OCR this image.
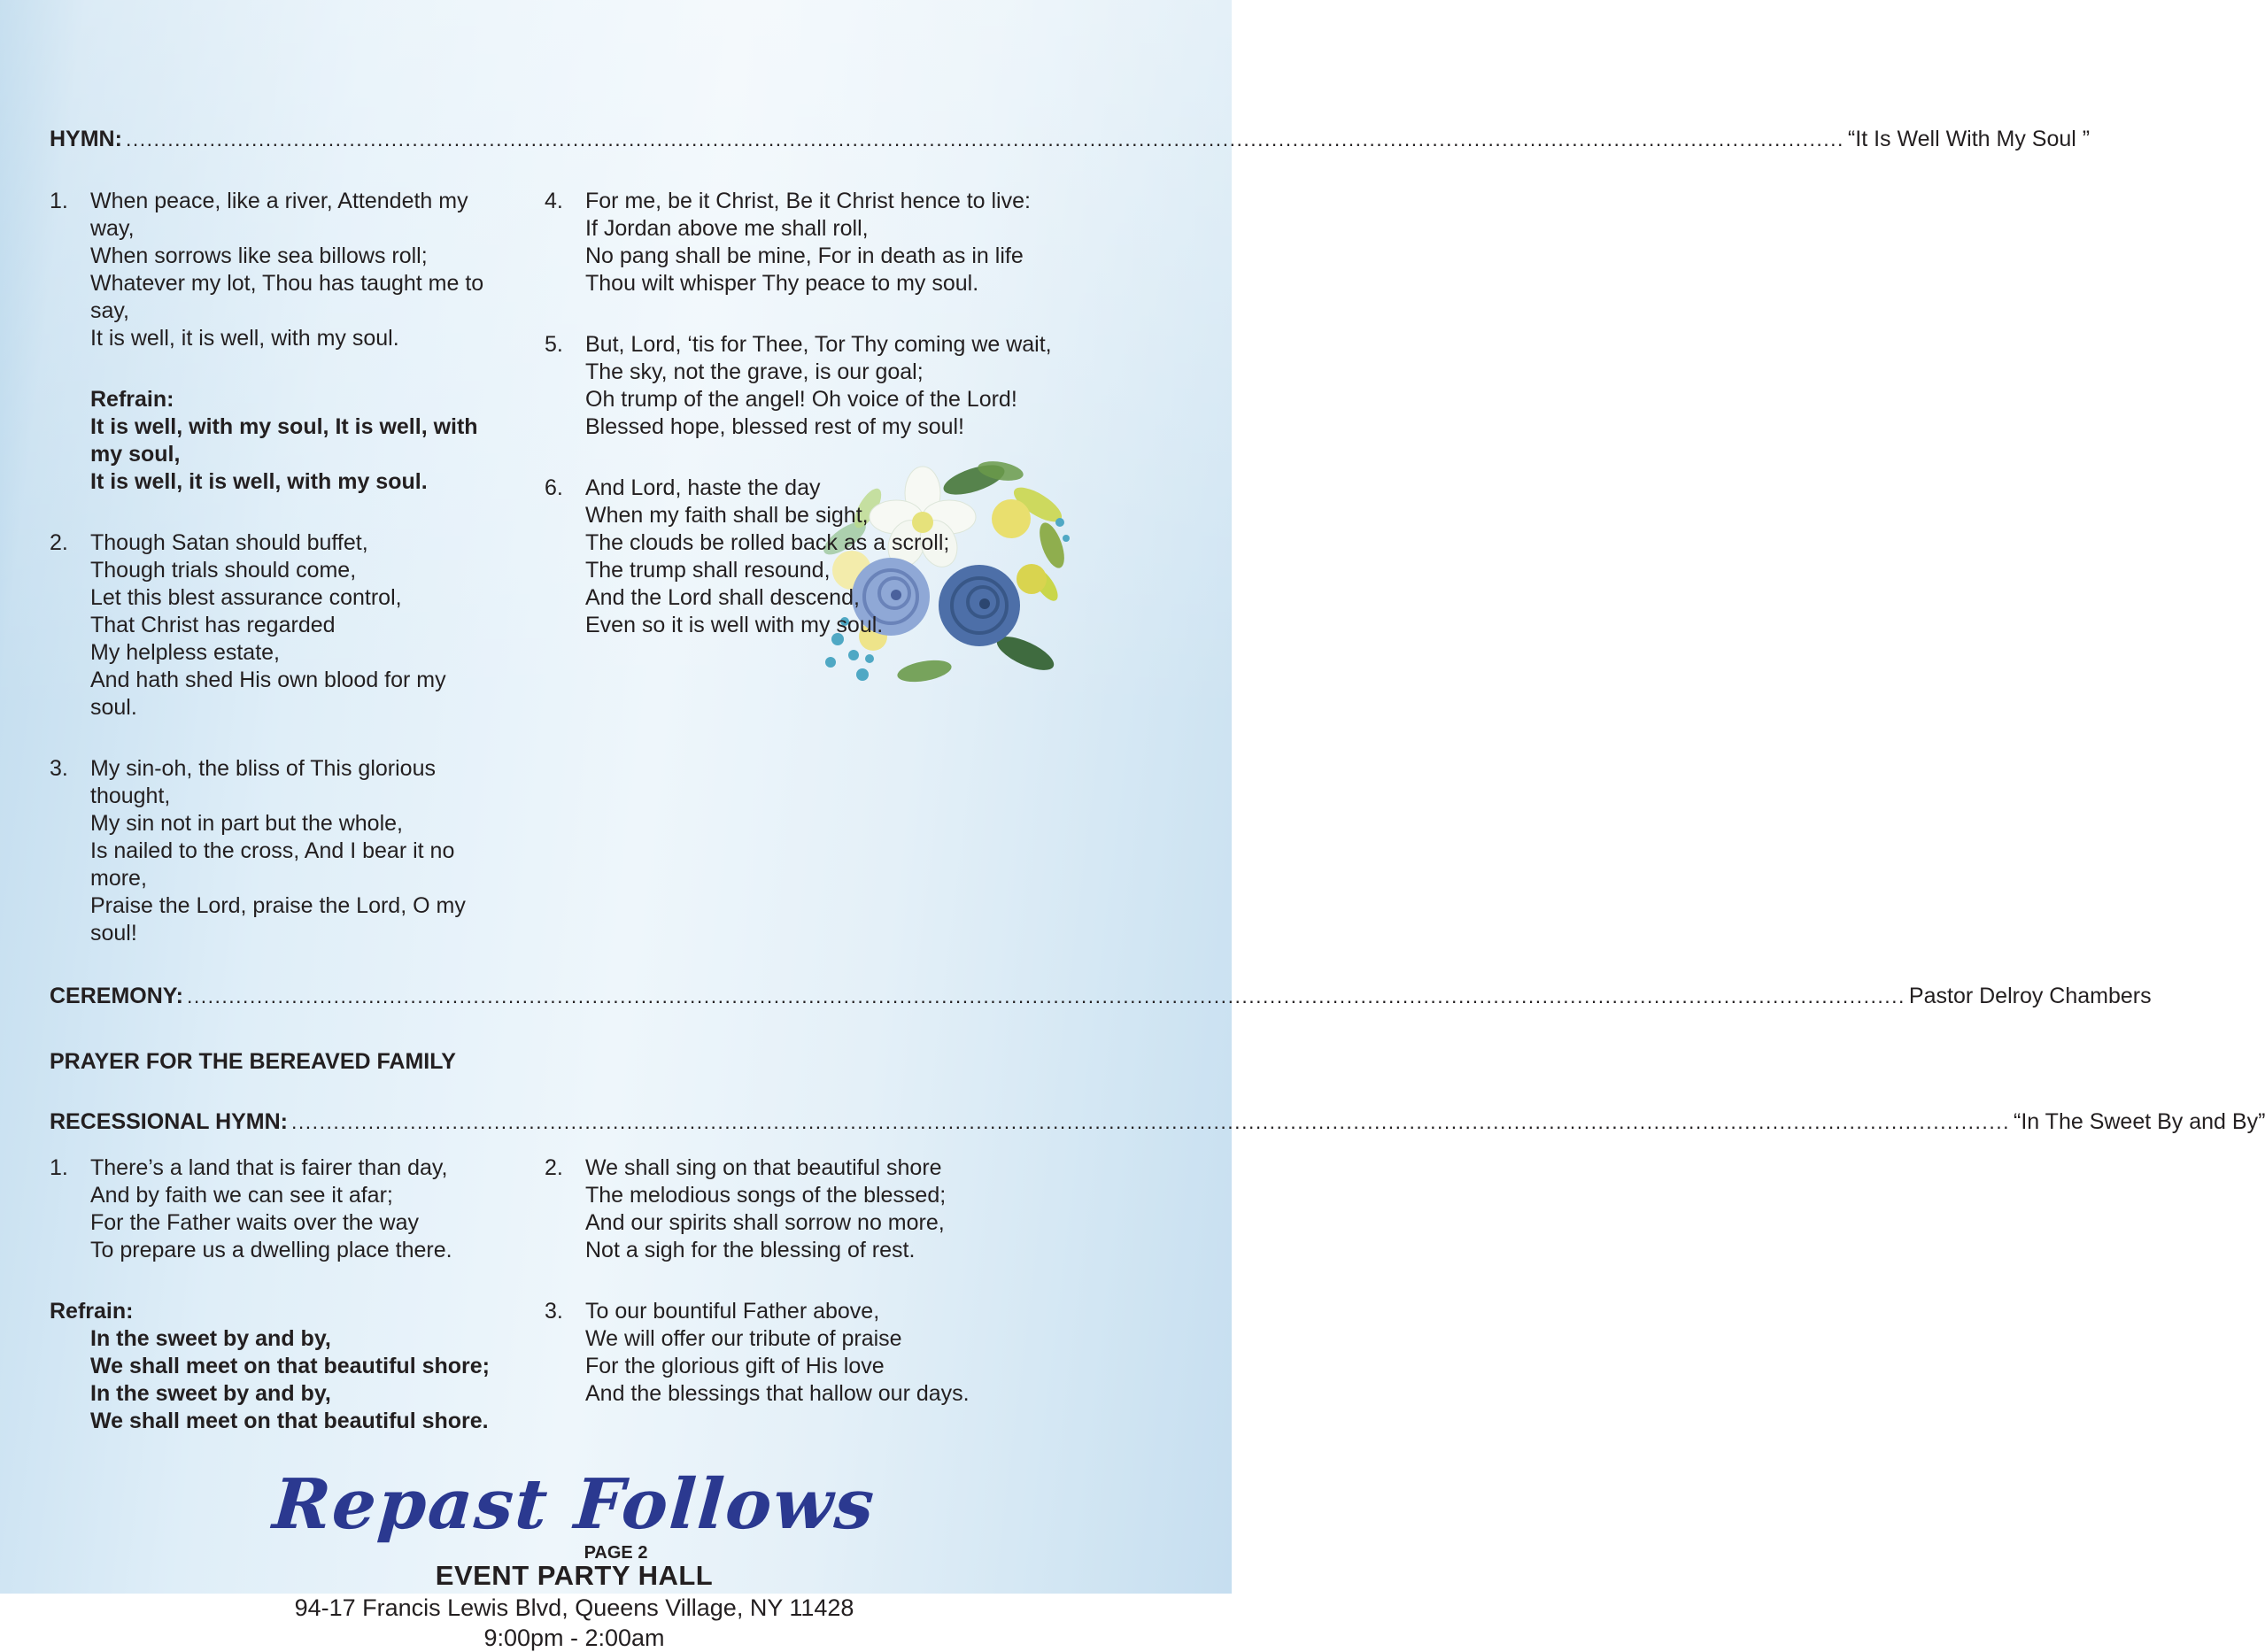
HYMN: .....	“It Is Well With My Soul ”
1.	When peace, like a river, Attendeth my way,
When sorrows like sea billows roll;
Whatever my lot, Thou has taught me to say,
It is well, it is well, with my soul.
Refrain:
It is well, with my soul, It is well, with my soul,
It is well, it is well, with my soul.
2.	Though Satan should buffet,
Though trials should come,
Let this blest assurance control,
That Christ has regarded
My helpless estate,
And hath shed His own blood for my soul.
3.	My sin-oh, the bliss of This glorious thought,
My sin not in part but the whole,
Is nailed to the cross, And I bear it no more,
Praise the Lord, praise the Lord, O my soul!
4.	For me, be it Christ, Be it Christ hence to live:
If Jordan above me shall roll,
No pang shall be mine, For in death as in life
Thou wilt whisper Thy peace to my soul.
5.	But, Lord, ‘tis for Thee, Tor Thy coming we wait,
The sky, not the grave, is our goal;
Oh trump of the angel! Oh voice of the Lord!
Blessed hope, blessed rest of my soul!
6.	And Lord, haste the day
When my faith shall be sight,
The clouds be rolled back as a scroll;
The trump shall resound,
And the Lord shall descend,
Even so it is well with my soul.
CEREMONY: .....	Pastor Delroy Chambers
PRAYER FOR THE BEREAVED FAMILY
RECESSIONAL HYMN: .....	“In The Sweet By and By”
1.	There’s a land that is fairer than day,
And by faith we can see it afar;
For the Father waits over the way
To prepare us a dwelling place there.
Refrain:
In the sweet by and by,
We shall meet on that beautiful shore;
In the sweet by and by,
We shall meet on that beautiful shore.
2.	We shall sing on that beautiful shore
The melodious songs of the blessed;
And our spirits shall sorrow no more,
Not a sigh for the blessing of rest.
3.	To our bountiful Father above,
We will offer our tribute of praise
For the glorious gift of His love
And the blessings that hallow our days.
Repast Follows
EVENT PARTY HALL
94-17 Francis Lewis Blvd, Queens Village, NY 11428
9:00pm - 2:00am
PAGE 2
